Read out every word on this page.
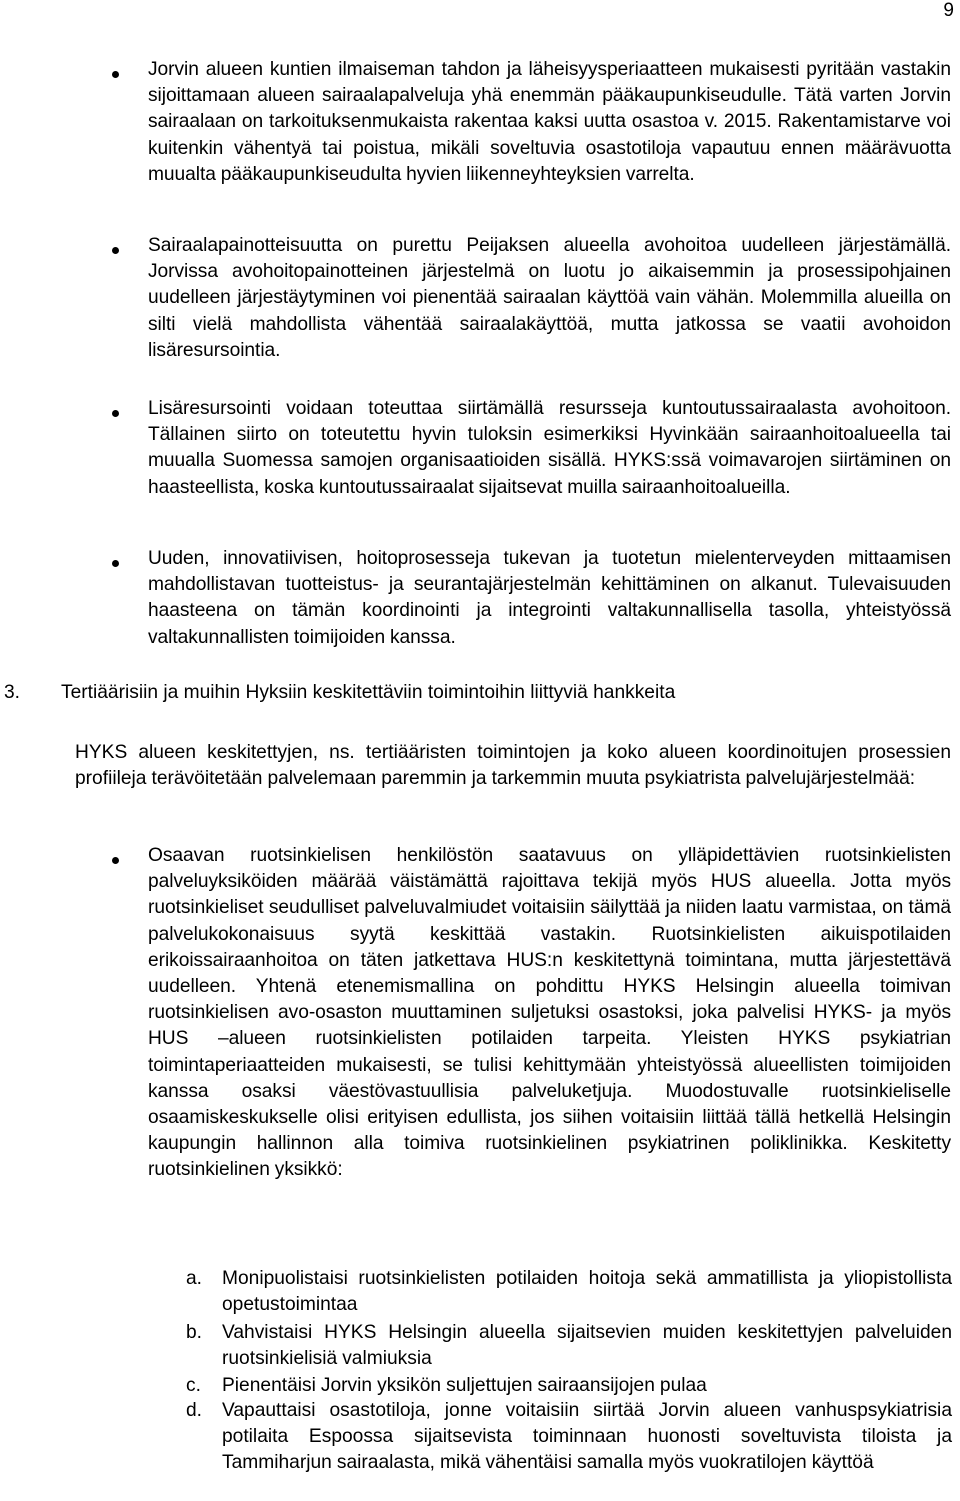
9
Jorvin alueen kuntien ilmaiseman tahdon ja läheisyysperiaatteen mukaisesti pyritään vastakin sijoittamaan alueen sairaalapalveluja yhä enemmän pääkaupunkiseudulle. Tätä varten Jorvin sairaalaan on tarkoituksenmukaista rakentaa kaksi uutta osastoa v. 2015. Rakentamistarve voi kuitenkin vähentyä tai poistua, mikäli soveltuvia osastotiloja vapautuu ennen määrävuotta muualta pääkaupunkiseudulta hyvien liikenneyhteyksien varrelta.
Sairaalapainotteisuutta on purettu Peijaksen alueella avohoitoa uudelleen järjestämällä. Jorvissa avohoitopainotteinen järjestelmä on luotu jo aikaisemmin ja prosessipohjainen uudelleen järjestäytyminen voi pienentää sairaalan käyttöä vain vähän. Molemmilla alueilla on silti vielä mahdollista vähentää sairaalakäyttöä, mutta jatkossa se vaatii avohoidon lisäresursointia.
Lisäresursointi voidaan toteuttaa siirtämällä resursseja kuntoutussairaalasta avohoitoon. Tällainen siirto on toteutettu hyvin tuloksin esimerkiksi Hyvinkään sairaanhoitoalueella tai muualla Suomessa samojen organisaatioiden sisällä. HYKS:ssä voimavarojen siirtäminen on haasteellista, koska kuntoutussairaalat sijaitsevat muilla sairaanhoitoalueilla.
Uuden, innovatiivisen, hoitoprosesseja tukevan ja tuotetun mielenterveyden mittaamisen mahdollistavan tuotteistus- ja seurantajärjestelmän kehittäminen on alkanut. Tulevaisuuden haasteena on tämän koordinointi ja integrointi valtakunnallisella tasolla, yhteistyössä valtakunnallisten toimijoiden kanssa.
3. Tertiäärisiin ja muihin Hyksiin keskitettäviin toimintoihin liittyviä hankkeita
HYKS alueen keskitettyjen, ns. tertiääristen toimintojen ja koko alueen koordinoitujen prosessien profiileja terävöitetään palvelemaan paremmin ja tarkemmin muuta psykiatrista palvelujärjestelmää:
Osaavan ruotsinkielisen henkilöstön saatavuus on ylläpidettävien ruotsinkielisten palveluyksiköiden määrää väistämättä rajoittava tekijä myös HUS alueella. Jotta myös ruotsinkieliset seudulliset palveluvalmiudet voitaisiin säilyttää ja niiden laatu varmistaa, on tämä palvelukokonaisuus syytä keskittää vastakin. Ruotsinkielisten aikuispotilaiden erikoissairaanhoitoa on täten jatkettava HUS:n keskitettynä toimintana, mutta järjestettävä uudelleen. Yhtenä etenemismallina on pohdittu HYKS Helsingin alueella toimivan ruotsinkielisen avo-osaston muuttaminen suljetuksi osastoksi, joka palvelisi HYKS- ja myös HUS –alueen ruotsinkielisten potilaiden tarpeita. Yleisten HYKS psykiatrian toimintaperiaatteiden mukaisesti, se tulisi kehittymään yhteistyössä alueellisten toimijoiden kanssa osaksi väestövastuullisia palveluketjuja. Muodostuvalle ruotsinkieliselle osaamiskeskukselle olisi erityisen edullista, jos siihen voitaisiin liittää tällä hetkellä Helsingin kaupungin hallinnon alla toimiva ruotsinkielinen psykiatrinen poliklinikka. Keskitetty ruotsinkielinen yksikkö:
a. Monipuolistaisi ruotsinkielisten potilaiden hoitoja sekä ammatillista ja yliopistollista opetustoimintaa
b. Vahvistaisi HYKS Helsingin alueella sijaitsevien muiden keskitettyjen palveluiden ruotsinkielisiä valmiuksia
c. Pienentäisi Jorvin yksikön suljettujen sairaansijojen pulaa
d. Vapauttaisi osastotiloja, jonne voitaisiin siirtää Jorvin alueen vanhuspsykiatrisia potilaita Espoossa sijaitsevista toiminnaan huonosti soveltuvista tiloista ja Tammiharjun sairaalasta, mikä vähentäisi samalla myös vuokratilojen käyttöä
